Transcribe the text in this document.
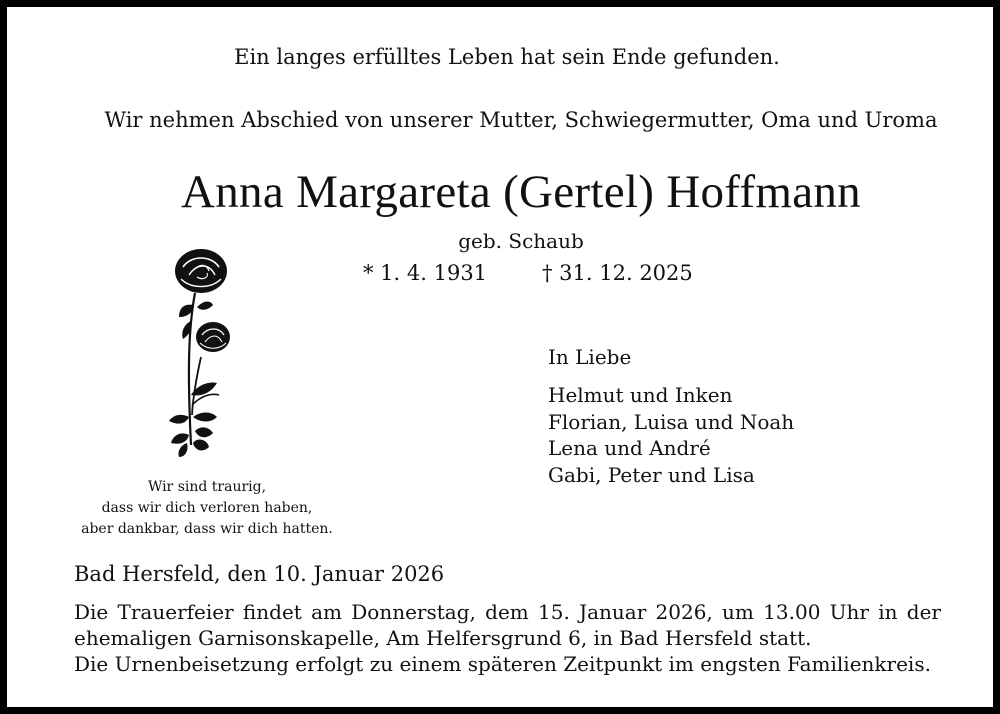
Ein langes erfülltes Leben hat sein Ende gefunden.
Wir nehmen Abschied von unserer Mutter, Schwiegermutter, Oma und Uroma
Anna Margareta (Gertel) Hoffmann
geb. Schaub
* 1. 4. 1931	† 31. 12. 2025
Wir sind traurig,
dass wir dich verloren haben,
aber dankbar, dass wir dich hatten.
In Liebe
Helmut und Inken
Florian, Luisa und Noah
Lena und André
Gabi, Peter und Lisa
Bad Hersfeld, den 10. Januar 2026
Die Trauerfeier findet am Donnerstag, dem 15. Januar 2026, um 13.00 Uhr in der
ehemaligen Garnisonskapelle, Am Helfersgrund 6, in Bad Hersfeld statt.
Die Urnenbeisetzung erfolgt zu einem späteren Zeitpunkt im engsten Familienkreis.
